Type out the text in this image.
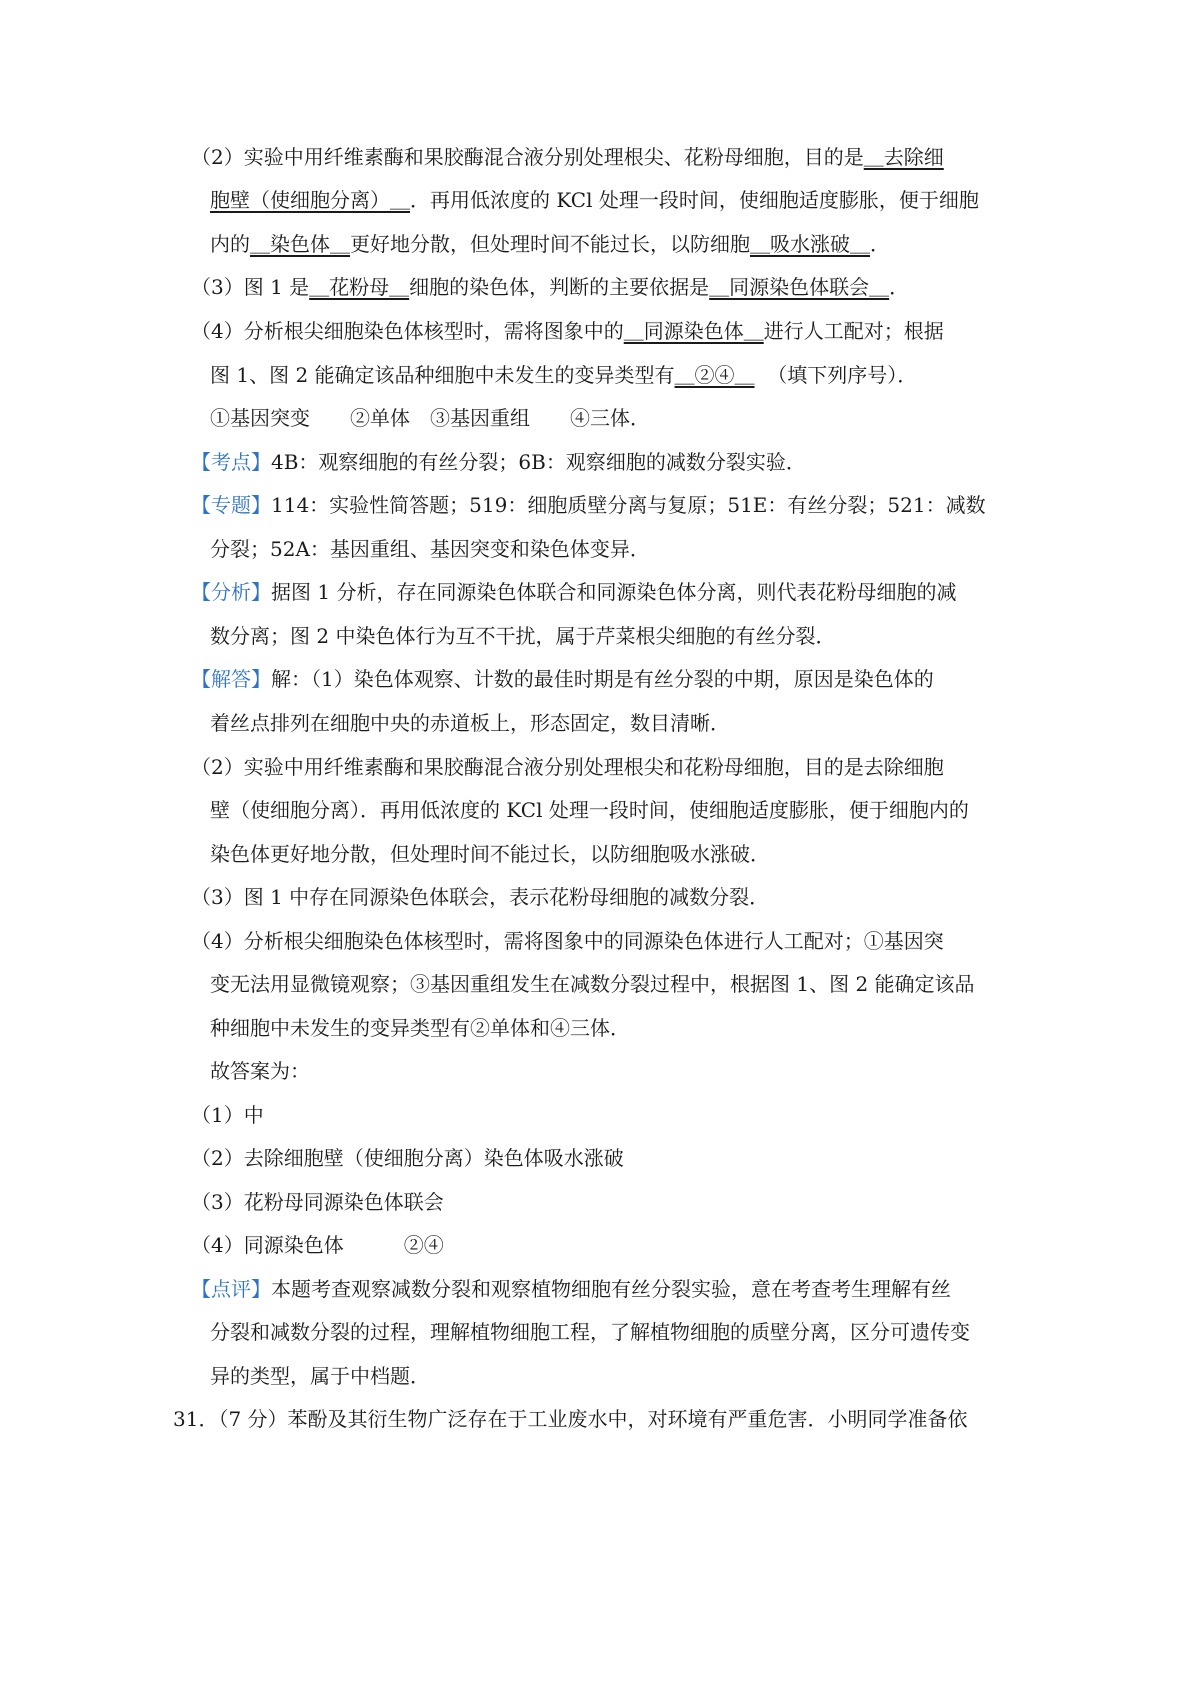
（2）实验中用纤维素酶和果胶酶混合液分别处理根尖、花粉母细胞，目的是＿去除细
胞壁（使细胞分离）＿．再用低浓度的 KCl 处理一段时间，使细胞适度膨胀，便于细胞
内的＿染色体＿更好地分散，但处理时间不能过长，以防细胞＿吸水涨破＿．
（3）图 1 是＿花粉母＿细胞的染色体，判断的主要依据是＿同源染色体联会＿．
（4）分析根尖细胞染色体核型时，需将图象中的＿同源染色体＿进行人工配对；根据
图 1、图 2 能确定该品种细胞中未发生的变异类型有＿②④＿ （填下列序号）．
①基因突变　　②单体　③基因重组　　④三体．
【考点】4B：观察细胞的有丝分裂；6B：观察细胞的减数分裂实验．
【专题】114：实验性简答题；519：细胞质壁分离与复原；51E：有丝分裂；521：减数
分裂；52A：基因重组、基因突变和染色体变异．
【分析】据图 1 分析，存在同源染色体联合和同源染色体分离，则代表花粉母细胞的减
数分离；图 2 中染色体行为互不干扰，属于芹菜根尖细胞的有丝分裂．
【解答】解：（1）染色体观察、计数的最佳时期是有丝分裂的中期，原因是染色体的
着丝点排列在细胞中央的赤道板上，形态固定，数目清晰．
（2）实验中用纤维素酶和果胶酶混合液分别处理根尖和花粉母细胞，目的是去除细胞
壁（使细胞分离）．再用低浓度的 KCl 处理一段时间，使细胞适度膨胀，便于细胞内的
染色体更好地分散，但处理时间不能过长，以防细胞吸水涨破．
（3）图 1 中存在同源染色体联会，表示花粉母细胞的减数分裂．
（4）分析根尖细胞染色体核型时，需将图象中的同源染色体进行人工配对；①基因突
变无法用显微镜观察；③基因重组发生在减数分裂过程中，根据图 1、图 2 能确定该品
种细胞中未发生的变异类型有②单体和④三体．
故答案为：
（1）中
（2）去除细胞壁（使细胞分离）染色体吸水涨破
（3）花粉母同源染色体联会
（4）同源染色体　　　②④
【点评】本题考查观察减数分裂和观察植物细胞有丝分裂实验，意在考查考生理解有丝
分裂和减数分裂的过程，理解植物细胞工程，了解植物细胞的质壁分离，区分可遗传变
异的类型，属于中档题．
31．（7 分）苯酚及其衍生物广泛存在于工业废水中，对环境有严重危害．小明同学准备依
